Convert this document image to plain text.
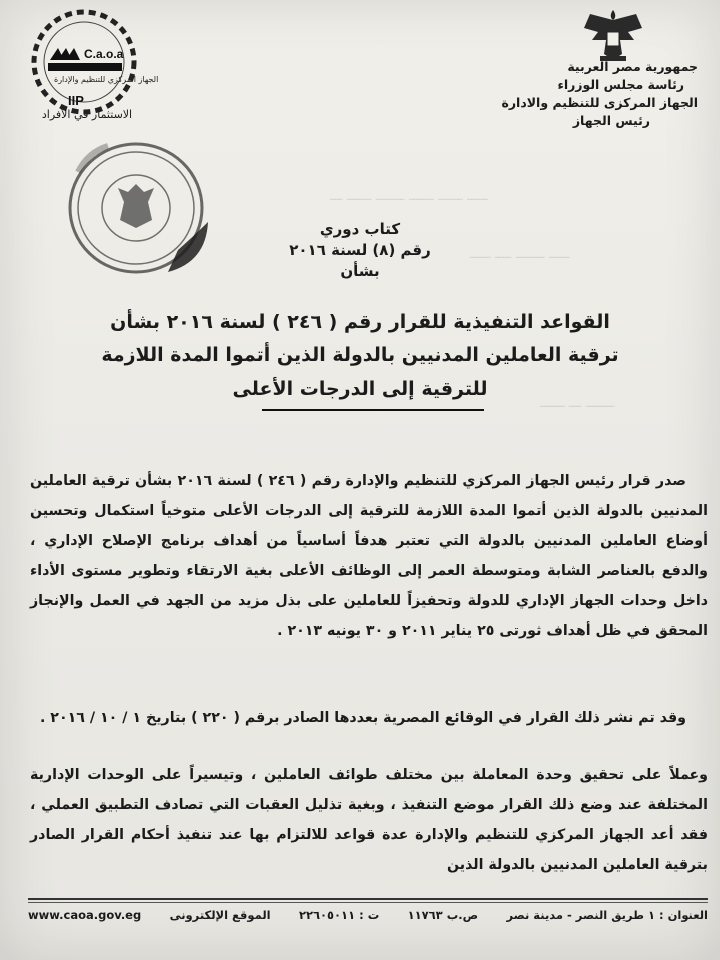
ـــــ ــــــ ــــــ ـــــــ ــــــ ـــ
ـــــ ـــــــ ــــ ـــــ
ـــــــ ـــ ــــــ
C.a.o.a
الجهاز المركزي للتنظيم والإدارة
IIP
الاستثمار في الأفراد
جمهورية مصر العربية
رئاسة مجلس الوزراء
الجهاز المركزى للتنظيم والادارة
رئيس الجهاز
كتاب دوري
رقم (٨) لسنة ٢٠١٦
بشأن
القواعد التنفيذية للقرار رقم ( ٢٤٦ ) لسنة ٢٠١٦ بشأن ترقية العاملين المدنيين بالدولة الذين أتموا المدة اللازمة للترقية إلى الدرجات الأعلى
صدر قرار رئيس الجهاز المركزي للتنظيم والإدارة رقم ( ٢٤٦ ) لسنة ٢٠١٦ بشأن ترقية العاملين المدنيين بالدولة الذين أتموا المدة اللازمة للترقية إلى الدرجات الأعلى متوخياً استكمال وتحسين أوضاع العاملين المدنيين بالدولة التي تعتبر هدفاً أساسياً من أهداف برنامج الإصلاح الإداري ، والدفع بالعناصر الشابة ومتوسطة العمر إلى الوظائف الأعلى بغية الارتقاء وتطوير مستوى الأداء داخل وحدات الجهاز الإداري للدولة وتحفيزاً للعاملين على بذل مزيد من الجهد في العمل والإنجاز المحقق في ظل أهداف ثورتى ٢٥ يناير ٢٠١١ و ٣٠ يونيه ٢٠١٣ .
وقد تم نشر ذلك القرار في الوقائع المصرية بعددها الصادر برقم ( ٢٢٠ ) بتاريخ ١ / ١٠ / ٢٠١٦ .
وعملاً على تحقيق وحدة المعاملة بين مختلف طوائف العاملين ، وتيسيراً على الوحدات الإدارية المختلفة عند وضع ذلك القرار موضع التنفيذ ، وبغية تذليل العقبات التي تصادف التطبيق العملي ، فقد أعد الجهاز المركزي للتنظيم والإدارة عدة قواعد للالتزام بها عند تنفيذ أحكام القرار الصادر بترقية العاملين المدنيين بالدولة الذين
العنوان : ١ طريق النصر - مدينة نصر
ص.ب ١١٧٦٣
ت : ٢٢٦٠٥٠١١
الموقع الإلكترونى
www.caoa.gov.eg
